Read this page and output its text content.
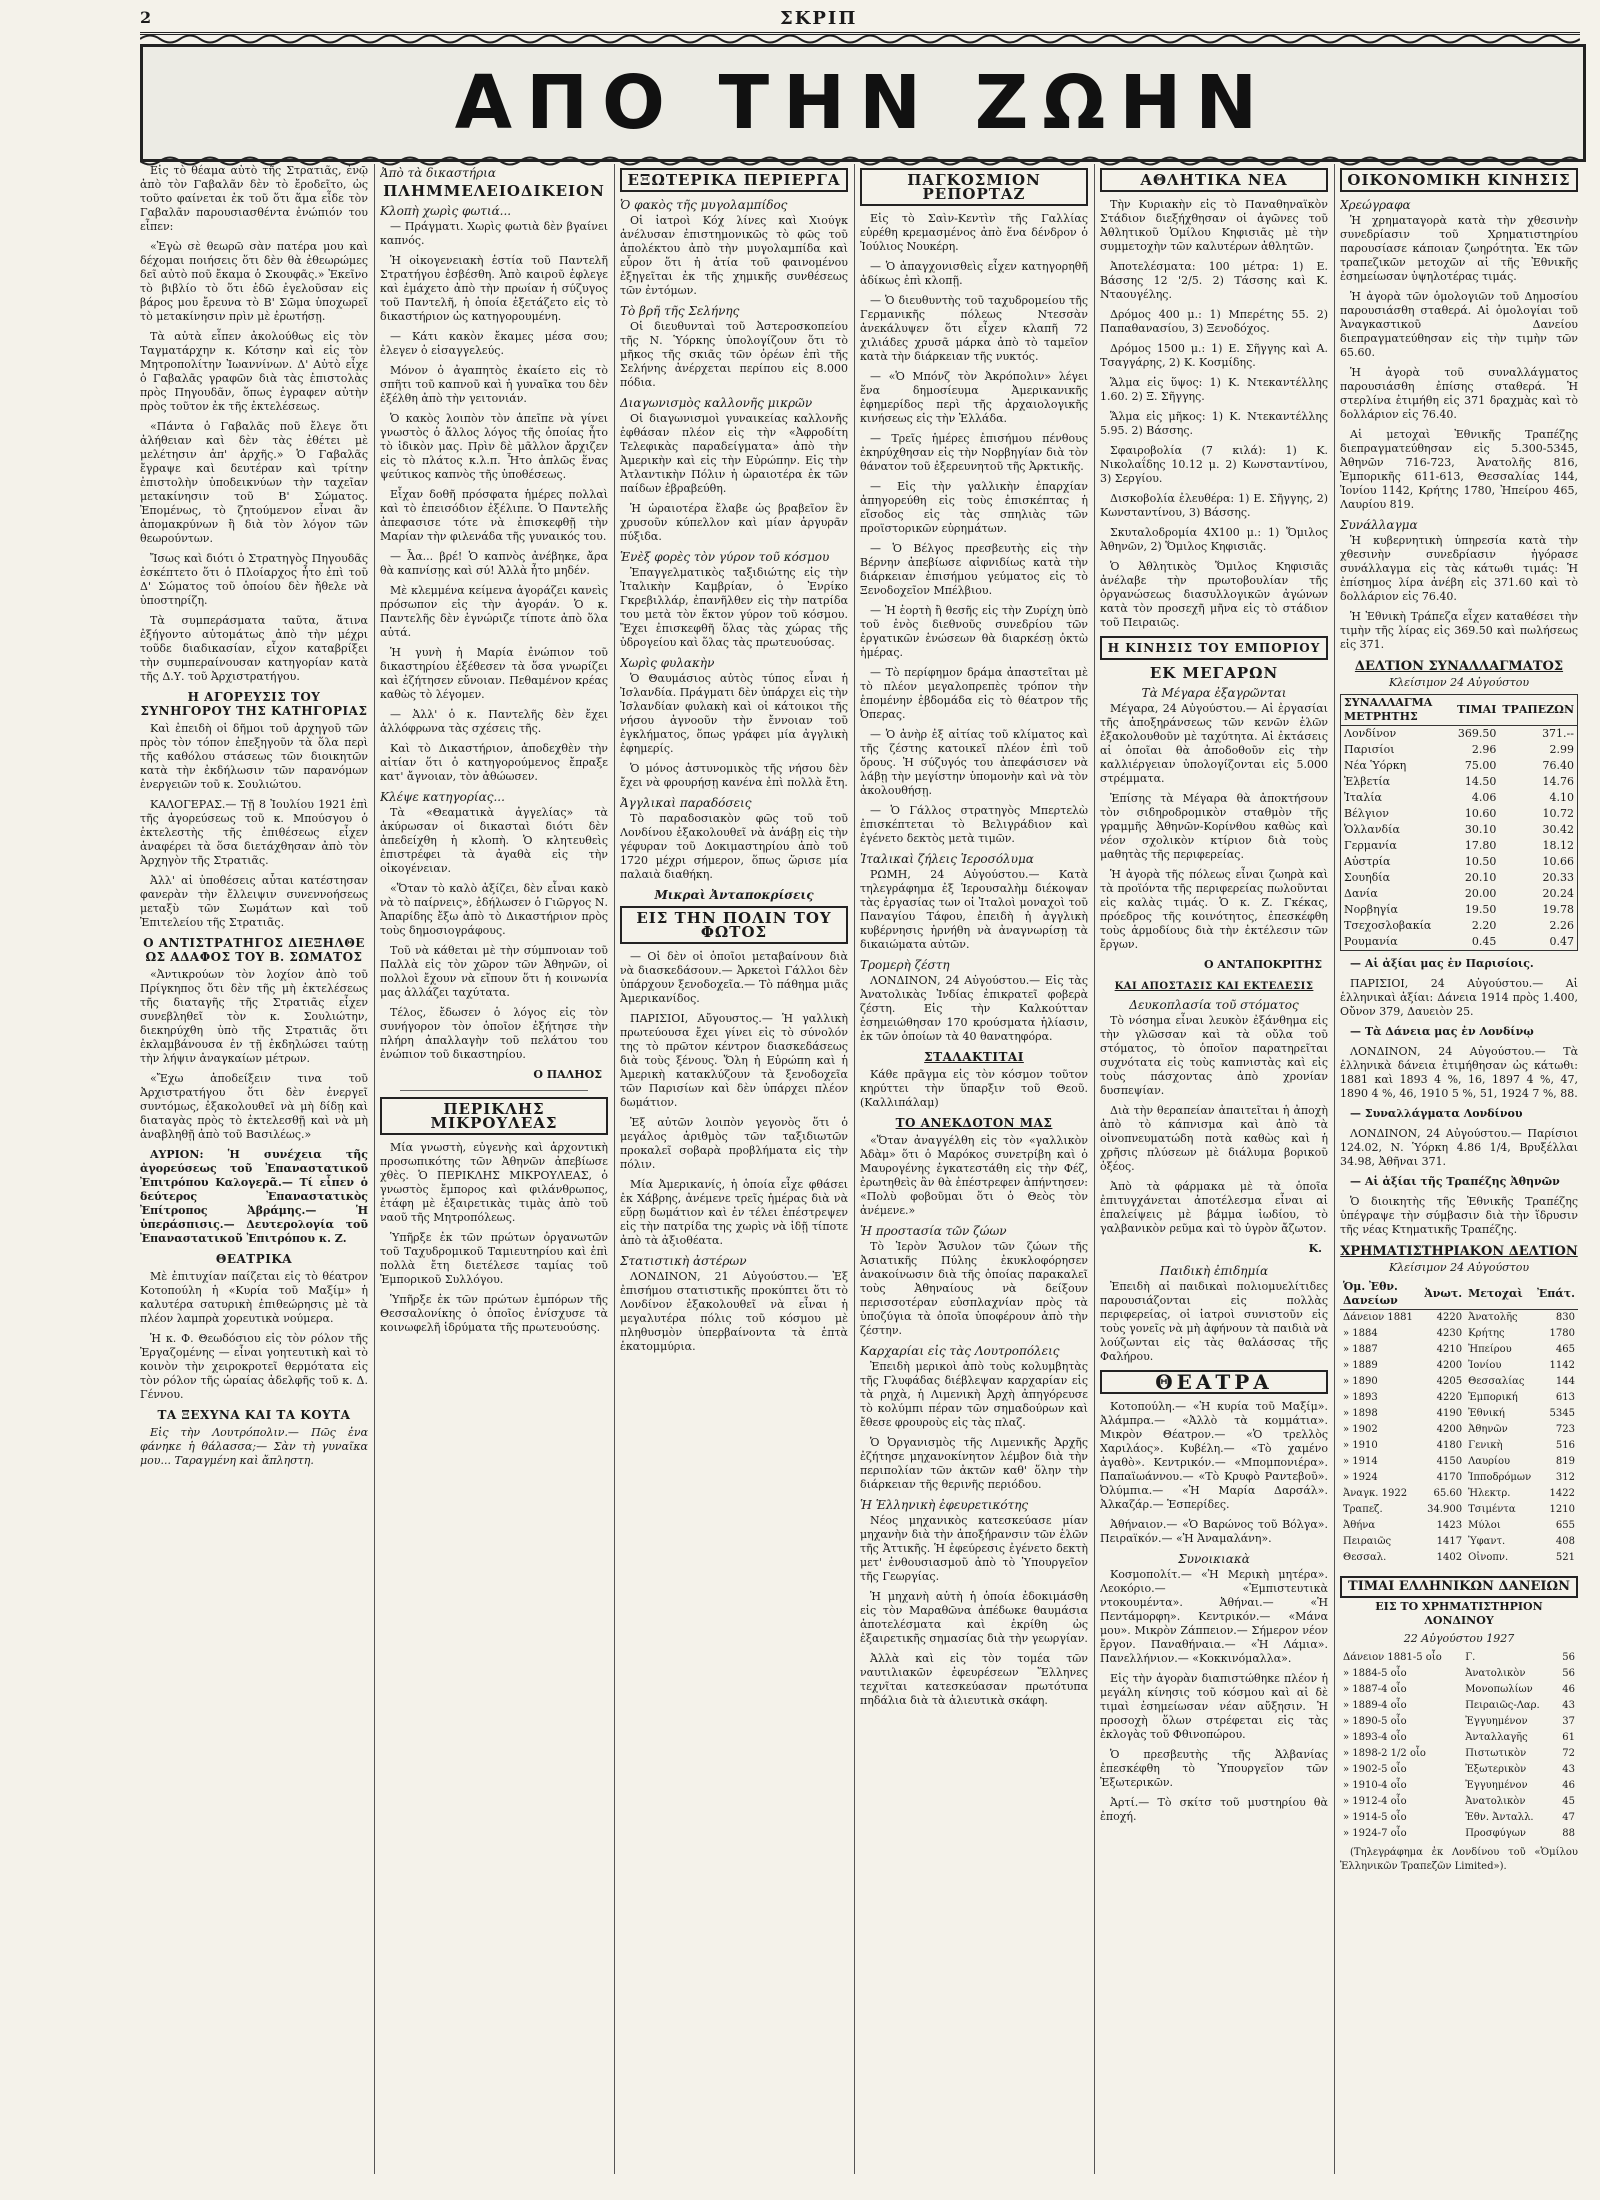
2	ΣΚΡΙΠ
ΑΠΟ ΤΗΝ ΖΩΗΝ

Εἰς τὸ θέαμα αὐτὸ τῆς Στρατιᾶς, ἐνῷ ἀπὸ τὸν Γαβαλᾶν δὲν τὸ ἔροδεῖτο, ὡς τοῦτο φαίνεται ἐκ τοῦ ὅτι ἅμα εἶδε τὸν Γαβαλᾶν παρουσιασθέντα ἐνώπιόν του εἶπεν:

«Ἐγὼ σὲ θεωρῶ σὰν πατέρα μου καὶ δέχομαι ποιήσεις ὅτι δὲν θὰ ἐθεωρώμες δεῖ αὐτὸ ποῦ ἔκαμα ὁ Σκουφᾶς.» Ἐκεῖνο τὸ βιβλίο τὸ ὅτι ἐδῶ ἐγελοῦσαν εἰς βάρος μου ἔρευνα τὸ Β' Σῶμα ὑποχωρεῖ τὸ μετακίνησιν πρὶν μὲ ἐρωτήσῃ.

Τὰ αὐτὰ εἶπεν ἀκολούθως εἰς τὸν Ταγματάρχην κ. Κότσην καὶ εἰς τὸν Μητροπολίτην Ἰωαννίνων. Δ' Αὐτὸ εἶχε ὁ Γαβαλᾶς γραφῶν διὰ τὰς ἐπιστολὰς πρὸς Πηγουδᾶν, ὅπως ἐγραφεν αὐτὴν πρὸς τοῦτον ἐκ τῆς ἐκτελέσεως.

«Πάντα ὁ Γαβαλᾶς ποῦ ἔλεγε ὅτι ἀλήθειαν καὶ δὲν τὰς ἐθέτει μὲ μελέτησιν ἀπ' ἀρχῆς.» Ὁ Γαβαλᾶς ἔγραψε καὶ δευτέραν καὶ τρίτην ἐπιστολὴν ὑποδεικνύων τὴν ταχεῖαν μετακίνησιν τοῦ Β' Σώματος. Ἐπομένως, τὸ ζητούμενον εἶναι ἂν ἀπομακρύνων ἢ διὰ τὸν λόγον τῶν θεωρούντων.

Ἴσως καὶ διότι ὁ Στρατηγὸς Πηγουδᾶς ἐσκέπτετο ὅτι ὁ Πλοίαρχος ἦτο ἐπὶ τοῦ Δ' Σώματος τοῦ ὁποίου δὲν ἤθελε νὰ ὑποστηρίζη.

Τὰ συμπεράσματα ταῦτα, ἅτινα ἐξήγοντο αὐτομάτως ἀπὸ τὴν μέχρι τοῦδε διαδικασίαν, εἶχον καταβρίξει τὴν συμπεραίνουσαν κατηγορίαν κατὰ τῆς Δ.Υ. τοῦ Ἀρχιστρατήγου.

Η ΑΓΟΡΕΥΣΙΣ ΤΟΥ ΣΥΝΗΓΟΡΟΥ ΤΗΣ ΚΑΤΗΓΟΡΙΑΣ

Καὶ ἐπειδὴ οἱ δῆμοι τοῦ ἀρχηγοῦ τῶν πρὸς τὸν τόπον ἐπεξηγοῦν τὰ ὅλα περὶ τῆς καθόλου στάσεως τῶν διοικητῶν κατὰ τὴν ἐκδήλωσιν τῶν παρανόμων ἐνεργειῶν τοῦ κ. Σουλιώτου.

ΚΑΛΟΓΕΡΑΣ.— Τῇ 8 Ἰουλίου 1921 ἐπὶ τῆς ἀγορεύσεως τοῦ κ. Μπούσγου ὁ ἐκτελεστὴς τῆς ἐπιθέσεως εἶχεν ἀναφέρει τὰ ὅσα διετάχθησαν ἀπὸ τὸν Ἀρχηγὸν τῆς Στρατιᾶς.

Ἀλλ' αἱ ὑποθέσεις αὗται κατέστησαν φανερὰν τὴν ἔλλειψιν συνεννοήσεως μεταξὺ τῶν Σωμάτων καὶ τοῦ Ἐπιτελείου τῆς Στρατιᾶς.

Ο ΑΝΤΙΣΤΡΑΤΗΓΟΣ ΔΙΕΞΗΛΘΕ ΩΣ ΑΔΑΦΟΣ ΤΟΥ Β. ΣΩΜΑΤΟΣ

«Ἀντικρούων τὸν λοχίον ἀπὸ τοῦ Πρίγκηπος ὅτι δὲν τῆς μὴ ἐκτελέσεως τῆς διαταγῆς τῆς Στρατιᾶς εἶχεν συνεβληθεῖ τὸν κ. Σουλιώτην, διεκηρύχθη ὑπὸ τῆς Στρατιᾶς ὅτι ἐκλαμβάνουσα ἐν τῇ ἐκδηλώσει ταύτῃ τὴν λήψιν ἀναγκαίων μέτρων.

«Ἔχω ἀποδείξειν τινα τοῦ Ἀρχιστρατήγου ὅτι δὲν ἐνεργεῖ συντόμως, ἐξακολουθεῖ νὰ μὴ δίδῃ καὶ διαταγὰς πρὸς τὸ ἐκτελεσθῇ καὶ νὰ μὴ ἀναβληθῇ ἀπὸ τοῦ Βασιλέως.»

ΑΥΡΙΟΝ: Ἡ συνέχεια τῆς ἀγορεύσεως τοῦ Ἐπαναστατικοῦ Ἐπιτρόπου Καλογερᾶ.— Τί εἶπεν ὁ δεύτερος Ἐπαναστατικὸς Ἐπίτροπος Ἀβράμης.— Ἡ ὑπεράσπισις.— Δευτερολογία τοῦ Ἐπαναστατικοῦ Ἐπιτρόπου κ. Ζ.

ΘΕΑΤΡΙΚΑ

Μὲ ἐπιτυχίαν παίζεται εἰς τὸ θέατρον Κοτοπούλη ἡ «Κυρία τοῦ Μαξίμ» ἡ καλυτέρα σατυρικὴ ἐπιθεώρησις μὲ τὰ πλέον λαμπρὰ χορευτικὰ νούμερα.

Ἡ κ. Φ. Θεωδόσιου εἰς τὸν ρόλον τῆς Ἐργαζομένης — εἶναι γοητευτικὴ καὶ τὸ κοινὸν τὴν χειροκροτεῖ θερμότατα εἰς τὸν ρόλον τῆς ὡραίας ἀδελφῆς τοῦ κ. Δ. Γέννου.

ΤΑ ΞΕΧΥΝΑ ΚΑΙ ΤΑ ΚΟΥΤΑ

Εἰς τὴν Λουτρόπολιν.— Πῶς ἐνα φάνηκε ἡ θάλασσα;— Σὰν τὴ γυναῖκα μου... Ταραγμένη καὶ ἄπληστη.

Ἀπὸ τὰ δικαστήρια
ΠΛΗΜΜΕΛΕΙΟΔΙΚΕΙΟΝ
Κλοπὴ χωρὶς φωτιά...

— Πράγματι. Χωρὶς φωτιὰ δὲν βγαίνει καπνός.

Ἡ οἰκογενειακὴ ἑστία τοῦ Παντελῆ Στρατήγου ἐσβέσθη. Ἀπὸ καιροῦ ἐφλεγε καὶ ἐμάχετο ἀπὸ τὴν πρωίαν ἡ σύζυγος τοῦ Παντελῆ, ἡ ὁποία ἐξετάζετο εἰς τὸ δικαστήριον ὡς κατηγορουμένη.

— Κάτι κακὸν ἔκαμες μέσα σου; ἐλεγεν ὁ εἰσαγγελεύς.

Μόνον ὁ ἀγαπητὸς ἐκαίετο εἰς τὸ σπῆτι τοῦ καπνοῦ καὶ ἡ γυναῖκα του δὲν ἐξέλθη ἀπὸ τὴν γειτονιάν.

Ὁ κακὸς λοιπὸν τὸν ἀπεῖπε νὰ γίνει γνωστὸς ὁ ἄλλος λόγος τῆς ὁποίας ἦτο τὸ ἰδικὸν μας. Πρὶν δὲ μᾶλλον ἄρχιζεν εἰς τὸ πλάτος κ.λ.π. Ἦτο ἁπλῶς ἕνας ψεύτικος καπνὸς τῆς ὑποθέσεως.

Εἶχαν δοθῆ πρόσφατα ἡμέρες πολλαὶ καὶ τὸ ἐπεισόδιον ἐξέλιπε. Ὁ Παντελῆς ἀπεφασισε τότε νὰ ἐπισκεφθῇ τὴν Μαρίαν τὴν φιλενάδα τῆς γυναικός του.

— Ἆα... βρέ! Ὁ καπνὸς ἀνέβηκε, ἄρα θὰ καπνίσῃς καὶ σύ! Ἀλλὰ ἦτο μηδέν.

Μὲ κλεμμένα κείμενα ἀγοράζει κανεὶς πρόσωπον εἰς τὴν ἀγοράν. Ὁ κ. Παντελῆς δὲν ἐγνώριζε τίποτε ἀπὸ ὅλα αὐτά.

Ἡ γυνὴ ἡ Μαρία ἐνώπιον τοῦ δικαστηρίου ἐξέθεσεν τὰ ὅσα γνωρίζει καὶ ἐζήτησεν εὔνοιαν. Πεθαμένον κρέας καθὼς τὸ λέγομεν.

— Ἀλλ' ὁ κ. Παντελῆς δὲν ἔχει ἀλλόφρωνα τὰς σχέσεις τῆς.

Καὶ τὸ Δικαστήριον, ἀποδεχθὲν τὴν αἰτίαν ὅτι ὁ κατηγορούμενος ἔπραξε κατ' ἄγνοιαν, τὸν ἀθώωσεν.

Κλέψε κατηγορίας...

Τὰ «Θεαματικὰ ἀγγελίας» τὰ ἀκύρωσαν οἱ δικασταὶ διότι δὲν ἀπεδείχθη ἡ κλοπὴ. Ὁ κλητευθεὶς ἐπιστρέφει τὰ ἀγαθὰ εἰς τὴν οἰκογένειαν.

«Ὅταν τὸ καλὸ ἀξίζει, δὲν εἶναι κακὸ νὰ τὸ παίρνεις», ἐδήλωσεν ὁ Γιῶργος Ν. Ἀπαρίδης ἔξω ἀπὸ τὸ Δικαστήριον πρὸς τοὺς δημοσιογράφους.

Τοῦ νὰ κάθεται μὲ τὴν σύμπνοιαν τοῦ Παλλὰ εἰς τὸν χῶρον τῶν Ἀθηνῶν, οἱ πολλοὶ ἔχουν νὰ εἴπουν ὅτι ἡ κοινωνία μας ἀλλάζει ταχύτατα.

Τέλος, ἔδωσεν ὁ λόγος εἰς τὸν συνήγορον τὸν ὁποῖον ἐξήτησε τὴν πλήρη ἀπαλλαγὴν τοῦ πελάτου του ἐνώπιον τοῦ δικαστηρίου.

Ο ΠΑΛΗΟΣ
ΠΕΡΙΚΛΗΣ ΜΙΚΡΟΥΛΕΑΣ

Μία γνωστὴ, εὐγενὴς καὶ ἀρχοντικὴ προσωπικότης τῶν Ἀθηνῶν ἀπεβίωσε χθὲς. Ὁ ΠΕΡΙΚΛΗΣ ΜΙΚΡΟΥΛΕΑΣ, ὁ γνωστὸς ἔμπορος καὶ φιλάνθρωπος, ἐτάφη μὲ ἐξαιρετικὰς τιμὰς ἀπὸ τοῦ ναοῦ τῆς Μητροπόλεως.

Ὑπῆρξε ἐκ τῶν πρώτων ὀργανωτῶν τοῦ Ταχυδρομικοῦ Ταμιευτηρίου καὶ ἐπὶ πολλὰ ἔτη διετέλεσε ταμίας τοῦ Ἐμπορικοῦ Συλλόγου.

Ὑπῆρξε ἐκ τῶν πρώτων ἐμπόρων τῆς Θεσσαλονίκης ὁ ὁποῖος ἐνίσχυσε τὰ κοινωφελῆ ἱδρύματα τῆς πρωτευούσης.

ΕΞΩΤΕΡΙΚΑ ΠΕΡΙΕΡΓΑ
Ὁ φακὸς τῆς μυγολαμπίδος

Οἱ ἰατροὶ Κόχ λίνες καὶ Χιούγκ ἀνέλυσαν ἐπιστημονικῶς τὸ φῶς τοῦ ἀπολέκτου ἀπὸ τὴν μυγολαμπίδα καὶ εὗρον ὅτι ἡ ἀτία τοῦ φαινομένου ἐξηγεῖται ἐκ τῆς χημικῆς συνθέσεως τῶν ἐντόμων.

Τὸ βρῆ τῆς Σελήνης

Οἱ διευθυνταὶ τοῦ Ἀστεροσκοπείου τῆς Ν. Ὑόρκης ὑπολογίζουν ὅτι τὸ μῆκος τῆς σκιᾶς τῶν ὀρέων ἐπὶ τῆς Σελήνης ἀνέρχεται περίπου εἰς 8.000 πόδια.

Διαγωνισμὸς καλλονῆς μικρῶν

Οἱ διαγωνισμοὶ γυναικείας καλλονῆς ἐφθάσαν πλέον εἰς τὴν «Ἀφροδίτη Τελεφικὰς παραδείγματα» ἀπὸ τὴν Ἀμερικὴν καὶ εἰς τὴν Εὐρώπην. Εἰς τὴν Ἀτλαντικὴν Πόλιν ἡ ὡραιοτέρα ἐκ τῶν παίδων ἐβραβεύθη.

Ἡ ὡραιοτέρα ἔλαβε ὡς βραβεῖον ἓν χρυσοῦν κύπελλον καὶ μίαν ἀργυρᾶν πύξιδα.

Ἑνὲξ φορὲς τὸν γύρον τοῦ κόσμου

Ἐπαγγελματικὸς ταξιδιώτης εἰς τὴν Ἰταλικὴν Καμβρίαν, ὁ Ἐνρίκο Γκρεβιλλάρ, ἐπανῆλθεν εἰς τὴν πατρίδα του μετὰ τὸν ἕκτον γύρον τοῦ κόσμου. Ἔχει ἐπισκεφθῆ ὅλας τὰς χώρας τῆς ὑδρογείου καὶ ὅλας τὰς πρωτευούσας.

Χωρὶς φυλακὴν

Ὁ Θαυμάσιος αὐτὸς τύπος εἶναι ἡ Ἰσλανδία. Πράγματι δὲν ὑπάρχει εἰς τὴν Ἰσλανδίαν φυλακὴ καὶ οἱ κάτοικοι τῆς νήσου ἀγνοοῦν τὴν ἔννοιαν τοῦ ἐγκλήματος, ὅπως γράφει μία ἀγγλικὴ ἐφημερίς.

Ὁ μόνος ἀστυνομικὸς τῆς νήσου δὲν ἔχει νὰ φρουρήσῃ κανένα ἐπὶ πολλὰ ἔτη.

Ἀγγλικαὶ παραδόσεις

Τὸ παραδοσιακὸν φῶς τοῦ τοῦ Λονδίνου ἐξακολουθεῖ νὰ ἀνάβῃ εἰς τὴν γέφυραν τοῦ Δοκιμαστηρίου ἀπὸ τοῦ 1720 μέχρι σήμερον, ὅπως ὥρισε μία παλαιὰ διαθήκη.

Μικραὶ Ἀνταποκρίσεις
ΕΙΣ ΤΗΝ ΠΟΛΙΝ ΤΟΥ ΦΩΤΟΣ

— Οἱ δὲν οἱ ὁποῖοι μεταβαίνουν διὰ νὰ διασκεδάσουν.— Ἀρκετοὶ Γάλλοι δὲν ὑπάρχουν ξενοδοχεῖα.— Τὸ πάθημα μιᾶς Ἀμερικανίδος.

ΠΑΡΙΣΙΟΙ, Αὔγουστος.— Ἡ γαλλικὴ πρωτεύουσα ἔχει γίνει εἰς τὸ σύνολόν της τὸ πρῶτον κέντρον διασκεδάσεως διὰ τοὺς ξένους. Ὅλη ἡ Εὐρώπη καὶ ἡ Ἀμερικὴ κατακλύζουν τὰ ξενοδοχεῖα τῶν Παρισίων καὶ δὲν ὑπάρχει πλέον δωμάτιον.

Ἐξ αὐτῶν λοιπὸν γεγονὸς ὅτι ὁ μεγάλος ἀριθμὸς τῶν ταξιδιωτῶν προκαλεῖ σοβαρὰ προβλήματα εἰς τὴν πόλιν.

Μία Ἀμερικανίς, ἡ ὁποία εἶχε φθάσει ἐκ Χάβρης, ἀνέμενε τρεῖς ἡμέρας διὰ νὰ εὕρῃ δωμάτιον καὶ ἐν τέλει ἐπέστρεψεν εἰς τὴν πατρίδα της χωρὶς νὰ ἰδῇ τίποτε ἀπὸ τὰ ἀξιοθέατα.

Στατιστικὴ ἀστέρων

ΛΟΝΔΙΝΟΝ, 21 Αὐγούστου.— Ἐξ ἐπισήμου στατιστικῆς προκύπτει ὅτι τὸ Λονδίνον ἐξακολουθεῖ νὰ εἶναι ἡ μεγαλυτέρα πόλις τοῦ κόσμου μὲ πληθυσμὸν ὑπερβαίνοντα τὰ ἑπτὰ ἑκατομμύρια.

ΠΑΓΚΟΣΜΙΟΝ ΡΕΠΟΡΤΑΖ

Εἰς τὸ Σαὶν-Κεντὶν τῆς Γαλλίας εὑρέθη κρεμασμένος ἀπὸ ἕνα δένδρον ὁ Ἰούλιος Νουκέρη.

— Ὁ ἀπαγχονισθεὶς εἶχεν κατηγορηθῆ ἀδίκως ἐπὶ κλοπῇ.

— Ὁ διευθυντὴς τοῦ ταχυδρομείου τῆς Γερμανικῆς πόλεως Ντεσσὰν ἀνεκάλυψεν ὅτι εἶχεν κλαπῆ 72 χιλιάδες χρυσᾶ μάρκα ἀπὸ τὸ ταμεῖον κατὰ τὴν διάρκειαν τῆς νυκτός.

— «Ὁ Μπόνζ τὸν Ἀκρόπολιν» λέγει ἕνα δημοσίευμα Ἀμερικανικῆς ἐφημερίδος περὶ τῆς ἀρχαιολογικῆς κινήσεως εἰς τὴν Ἑλλάδα.

— Τρεῖς ἡμέρες ἐπισήμου πένθους ἐκηρύχθησαν εἰς τὴν Νορβηγίαν διὰ τὸν θάνατον τοῦ ἐξερευνητοῦ τῆς Ἀρκτικῆς.

— Εἰς τὴν γαλλικὴν ἐπαρχίαν ἀπηγορεύθη εἰς τοὺς ἐπισκέπτας ἡ εἴσοδος εἰς τὰς σπηλιὰς τῶν προϊστορικῶν εὑρημάτων.

— Ὁ Βέλγος πρεσβευτὴς εἰς τὴν Βέρνην ἀπεβίωσε αἰφνιδίως κατὰ τὴν διάρκειαν ἐπισήμου γεύματος εἰς τὸ Ξενοδοχεῖον Μπέλβιου.

— Ἡ ἑορτὴ ἢ θεσῆς εἰς τὴν Ζυρίχη ὑπὸ τοῦ ἑνὸς διεθνοῦς συνεδρίου τῶν ἐργατικῶν ἑνώσεων θὰ διαρκέσῃ ὀκτὼ ἡμέρας.

— Τὸ περίφημον δράμα ἀπαστεῖται μὲ τὸ πλέον μεγαλοπρεπὲς τρόπον τὴν ἑπομένην ἑβδομάδα εἰς τὸ θέατρον τῆς Ὀπερας.

— Ὁ ἀνὴρ ἐξ αἰτίας τοῦ κλίματος καὶ τῆς ζέστης κατοικεῖ πλέον ἐπὶ τοῦ ὄρους. Ἡ σύζυγός του ἀπεφάσισεν νὰ λάβῃ τὴν μεγίστην ὑπομονὴν καὶ νὰ τὸν ἀκολουθήσῃ.

— Ὁ Γάλλος στρατηγὸς Μπερτελὼ ἐπισκέπτεται τὸ Βελιγράδιον καὶ ἐγένετο δεκτὸς μετὰ τιμῶν.

Ἰταλικαὶ ζήλεις Ἱεροσόλυμα

ΡΩΜΗ, 24 Αὐγούστου.— Κατὰ τηλεγράφημα ἐξ Ἱερουσαλὴμ διέκοψαν τὰς ἐργασίας των οἱ Ἰταλοὶ μοναχοὶ τοῦ Παναγίου Τάφου, ἐπειδὴ ἡ ἀγγλικὴ κυβέρνησις ἠρνήθη νὰ ἀναγνωρίσῃ τὰ δικαιώματα αὐτῶν.

Τρομερὴ ζέστη

ΛΟΝΔΙΝΟΝ, 24 Αὐγούστου.— Εἰς τὰς Ἀνατολικὰς Ἰνδίας ἐπικρατεῖ φοβερὰ ζέστη. Εἰς τὴν Καλκούτταν ἐσημειώθησαν 170 κρούσματα ἡλίασιν, ἐκ τῶν ὁποίων τὰ 40 θανατηφόρα.

ΣΤΑΛΑΚΤΙΤΑΙ

Κάθε πρᾶγμα εἰς τὸν κόσμον τοῦτον κηρύττει τὴν ὕπαρξιν τοῦ Θεοῦ. (Καλλιπάλαμ)

ΤΟ ΑΝΕΚΔΟΤΟΝ ΜΑΣ

«Ὅταν ἀναγγέλθη εἰς τὸν «γαλλικὸν Ἀδὰμ» ὅτι ὁ Μαρόκος συνετρίβη καὶ ὁ Μαυρογένης ἐγκατεστάθη εἰς τὴν Φέζ, ἐρωτηθεὶς ἂν θὰ ἐπέστρεφεν ἀπήντησεν: «Πολὺ φοβοῦμαι ὅτι ὁ Θεὸς τὸν ἀνέμενε.»

Ἡ προστασία τῶν ζώων

Τὸ Ἱερὸν Ἄσυλον τῶν ζώων τῆς Ἀσιατικῆς Πύλης ἐκυκλοφόρησεν ἀνακοίνωσιν διὰ τῆς ὁποίας παρακαλεῖ τοὺς Ἀθηναίους νὰ δείξουν περισσοτέραν εὐσπλαχνίαν πρὸς τὰ ὑποζύγια τὰ ὁποῖα ὑποφέρουν ἀπὸ τὴν ζέστην.

Καρχαρίαι εἰς τὰς Λουτροπόλεις

Ἐπειδὴ μερικοὶ ἀπὸ τοὺς κολυμβητὰς τῆς Γλυφάδας διέβλεψαν καρχαρίαν εἰς τὰ ρηχὰ, ἡ Λιμενικὴ Ἀρχὴ ἀπηγόρευσε τὸ κολύμπι πέραν τῶν σημαδούρων καὶ ἔθεσε φρουροὺς εἰς τὰς πλαζ.

Ὁ Ὀργανισμὸς τῆς Λιμενικῆς Ἀρχῆς ἐζήτησε μηχανοκίνητον λέμβον διὰ τὴν περιπολίαν τῶν ἀκτῶν καθ' ὅλην τὴν διάρκειαν τῆς θερινῆς περιόδου.

Ἡ Ἑλληνικὴ ἐφευρετικότης

Νέος μηχανικὸς κατεσκεύασε μίαν μηχανὴν διὰ τὴν ἀποξήρανσιν τῶν ἑλῶν τῆς Ἀττικῆς. Ἡ ἐφεύρεσις ἐγένετο δεκτὴ μετ' ἐνθουσιασμοῦ ἀπὸ τὸ Ὑπουργεῖον τῆς Γεωργίας.

Ἡ μηχανὴ αὐτὴ ἡ ὁποία ἐδοκιμάσθη εἰς τὸν Μαραθῶνα ἀπέδωκε θαυμάσια ἀποτελέσματα καὶ ἐκρίθη ὡς ἐξαιρετικῆς σημασίας διὰ τὴν γεωργίαν.

Ἀλλὰ καὶ εἰς τὸν τομέα τῶν ναυτιλιακῶν ἐφευρέσεων Ἕλληνες τεχνῖται κατεσκεύασαν πρωτότυπα πηδάλια διὰ τὰ ἀλιευτικὰ σκάφη.

ΑΘΛΗΤΙΚΑ ΝΕΑ

Τὴν Κυριακὴν εἰς τὸ Παναθηναϊκὸν Στάδιον διεξήχθησαν οἱ ἀγῶνες τοῦ Ἀθλητικοῦ Ὁμίλου Κηφισιᾶς μὲ τὴν συμμετοχὴν τῶν καλυτέρων ἀθλητῶν.

Ἀποτελέσματα: 100 μέτρα: 1) Ε. Βάσσης 12 '2/5. 2) Τάσσης καὶ Κ. Νταουγέλης.

Δρόμος 400 μ.: 1) Μπερέτης 55. 2) Παπαθανασίου, 3) Ξενοδόχος.

Δρόμος 1500 μ.: 1) Ε. Σῆγγης καὶ Α. Τσαγγάρης, 2) Κ. Κοσμίδης.

Ἅλμα εἰς ὕψος: 1) Κ. Ντεκαντέλλης 1.60. 2) Ξ. Σῆγγης.

Ἅλμα εἰς μῆκος: 1) Κ. Ντεκαντέλλης 5.95. 2) Βάσσης.

Σφαιροβολία (7 κιλά): 1) Κ. Νικολαΐδης 10.12 μ. 2) Κωνσταντίνου, 3) Σεργίου.

Δισκοβολία ἐλευθέρα: 1) Ε. Σῆγγης, 2) Κωνσταντίνου, 3) Βάσσης.

Σκυταλοδρομία 4Χ100 μ.: 1) Ὅμιλος Ἀθηνῶν, 2) Ὅμιλος Κηφισιᾶς.

Ὁ Ἀθλητικὸς Ὅμιλος Κηφισιᾶς ἀνέλαβε τὴν πρωτοβουλίαν τῆς ὀργανώσεως διασυλλογικῶν ἀγώνων κατὰ τὸν προσεχῆ μῆνα εἰς τὸ στάδιον τοῦ Πειραιῶς.

Η ΚΙΝΗΣΙΣ ΤΟΥ ΕΜΠΟΡΙΟΥ
ΕΚ ΜΕΓΑΡΩΝ
Τὰ Μέγαρα ἐξαγρῶνται

Μέγαρα, 24 Αὐγούστου.— Αἱ ἐργασίαι τῆς ἀποξηράνσεως τῶν κενῶν ἑλῶν ἐξακολουθοῦν μὲ ταχύτητα. Αἱ ἐκτάσεις αἱ ὁποῖαι θὰ ἀποδοθοῦν εἰς τὴν καλλιέργειαν ὑπολογίζονται εἰς 5.000 στρέμματα.

Ἐπίσης τὰ Μέγαρα θὰ ἀποκτήσουν τὸν σιδηροδρομικὸν σταθμὸν τῆς γραμμῆς Ἀθηνῶν-Κορίνθου καθὼς καὶ νέον σχολικὸν κτίριον διὰ τοὺς μαθητὰς τῆς περιφερείας.

Ἡ ἀγορὰ τῆς πόλεως εἶναι ζωηρὰ καὶ τὰ προϊόντα τῆς περιφερείας πωλοῦνται εἰς καλὰς τιμάς. Ὁ κ. Ζ. Γκέκας, πρόεδρος τῆς κοινότητος, ἐπεσκέφθη τοὺς ἁρμοδίους διὰ τὴν ἐκτέλεσιν τῶν ἔργων.

Ο ΑΝΤΑΠΟΚΡΙΤΗΣ
ΚΑΙ ΑΠΟΣΤΑΣΙΣ ΚΑΙ ΕΚΤΕΛΕΣΙΣ
Δευκοπλασία τοῦ στόματος

Τὸ νόσημα εἶναι λευκὸν ἐξάνθημα εἰς τὴν γλῶσσαν καὶ τὰ οὔλα τοῦ στόματος, τὸ ὁποῖον παρατηρεῖται συχνότατα εἰς τοὺς καπνιστὰς καὶ εἰς τοὺς πάσχοντας ἀπὸ χρονίαν δυσπεψίαν.

Διὰ τὴν θεραπείαν ἀπαιτεῖται ἡ ἀποχὴ ἀπὸ τὸ κάπνισμα καὶ ἀπὸ τὰ οἰνοπνευματώδη ποτὰ καθὼς καὶ ἡ χρῆσις πλύσεων μὲ διάλυμα βορικοῦ ὀξέος.

Ἀπὸ τὰ φάρμακα μὲ τὰ ὁποῖα ἐπιτυγχάνεται ἀποτέλεσμα εἶναι αἱ ἐπαλείψεις μὲ βάμμα ἰωδίου, τὸ γαλβανικὸν ρεῦμα καὶ τὸ ὑγρὸν ἄζωτον.

Κ.
Παιδικὴ ἐπιδημία

Ἐπειδὴ αἱ παιδικαὶ πολιομυελίτιδες παρουσιάζονται εἰς πολλὰς περιφερείας, οἱ ἰατροὶ συνιστοῦν εἰς τοὺς γονεῖς νὰ μὴ ἀφήνουν τὰ παιδιὰ νὰ λούζωνται εἰς τὰς θαλάσσας τῆς Φαλήρου.

ΘΕΑΤΡΑ

Κοτοπούλη.— «Ἡ κυρία τοῦ Μαξίμ». Ἀλάμπρα.— «Ἀλλὸ τὰ κομμάτια». Μικρὸν Θέατρον.— «Ὁ τρελλὸς Χαριλάος». Κυβέλη.— «Τὸ χαμένο ἀγαθὸ». Κεντρικόν.— «Μπομπονιέρα». Παπαϊωάννου.— «Τὸ Κρυφὸ Ραντεβοῦ». Ὀλύμπια.— «Ἡ Μαρία Δαρσάλ». Ἀλκαζάρ.— Ἑσπερίδες.

Ἀθήναιον.— «Ὁ Βαρώνος τοῦ Βόλγα». Πειραϊκόν.— «Ἡ Ἀναμαλάνη».

Συνοικιακὰ

Κοσμοπολίτ.— «Ἡ Μερικὴ μητέρα». Λεοκόριο.— «Ἐμπιστευτικὰ ντοκουμέντα». Ἀθήναι.— «Ἡ Πεντάμορφη». Κεντρικόν.— «Μάνα μου». Μικρὸν Ζάππειον.— Σήμερον νέον ἔργον. Παναθήναια.— «Ἡ Λάμια». Πανελλήνιον.— «Κοκκινόμαλλα».

Εἰς τὴν ἀγορὰν διαπιστώθηκε πλέον ἡ μεγάλη κίνησις τοῦ κόσμου καὶ αἱ δὲ τιμαὶ ἐσημείωσαν νέαν αὔξησιν. Ἡ προσοχὴ ὅλων στρέφεται εἰς τὰς ἐκλογὰς τοῦ Φθινοπώρου.

Ὁ πρεσβευτὴς τῆς Ἀλβανίας ἐπεσκέφθη τὸ Ὑπουργεῖον τῶν Ἐξωτερικῶν.

Ἀρτί.— Τὸ σκίτσ τοῦ μυστηρίου θὰ ἐποχή.

ΟΙΚΟΝΟΜΙΚΗ ΚΙΝΗΣΙΣ
Χρεώγραφα

Ἡ χρηματαγορὰ κατὰ τὴν χθεσινὴν συνεδρίασιν τοῦ Χρηματιστηρίου παρουσίασε κάποιαν ζωηρότητα. Ἐκ τῶν τραπεζικῶν μετοχῶν αἱ τῆς Ἐθνικῆς ἐσημείωσαν ὑψηλοτέρας τιμάς.

Ἡ ἀγορὰ τῶν ὁμολογιῶν τοῦ Δημοσίου παρουσιάσθη σταθερά. Αἱ ὁμολογίαι τοῦ Ἀναγκαστικοῦ Δανείου διεπραγματεύθησαν εἰς τὴν τιμὴν τῶν 65.60.

Ἡ ἀγορὰ τοῦ συναλλάγματος παρουσιάσθη ἐπίσης σταθερά. Ἡ στερλίνα ἐτιμήθη εἰς 371 δραχμὰς καὶ τὸ δολλάριον εἰς 76.40.

Αἱ μετοχαὶ Ἐθνικῆς Τραπέζης διεπραγματεύθησαν εἰς 5.300-5345, Ἀθηνῶν 716-723, Ἀνατολῆς 816, Ἐμπορικῆς 611-613, Θεσσαλίας 144, Ἱονίου 1142, Κρήτης 1780, Ἠπείρου 465, Λαυρίου 819.

Συνάλλαγμα

Ἡ κυβερνητικὴ ὑπηρεσία κατὰ τὴν χθεσινὴν συνεδρίασιν ἠγόρασε συνάλλαγμα εἰς τὰς κάτωθι τιμάς: Ἡ ἐπίσημος λίρα ἀνέβη εἰς 371.60 καὶ τὸ δολλάριον εἰς 76.40.

Ἡ Ἐθνικὴ Τράπεζα εἶχεν καταθέσει τὴν τιμὴν τῆς λίρας εἰς 369.50 καὶ πωλήσεως εἰς 371.

ΔΕΛΤΙΟΝ ΣΥΝΑΛΛΑΓΜΑΤΟΣ
Κλείσιμον 24 Αὐγούστου
ΣΥΝΑΛΛΑΓΜΑ ΜΕΤΡΗΤΗΣ	ΤΙΜΑΙ	ΤΡΑΠΕΖΩΝ
Λονδίνον	369.50	371.--
Παρισίοι	2.96	2.99
Νέα Ὑόρκη	75.00	76.40
Ἑλβετία	14.50	14.76
Ἰταλία	4.06	4.10
Βέλγιον	10.60	10.72
Ὁλλανδία	30.10	30.42
Γερμανία	17.80	18.12
Αὐστρία	10.50	10.66
Σουηδία	20.10	20.33
Δανία	20.00	20.24
Νορβηγία	19.50	19.78
Τσεχοσλοβακία	2.20	2.26
Ρουμανία	0.45	0.47

— Αἱ ἀξίαι μας ἐν Παρισίοις.

ΠΑΡΙΣΙΟΙ, 24 Αὐγούστου.— Αἱ ἑλληνικαὶ ἀξίαι: Δάνεια 1914 πρὸς 1.400, Οὔνον 379, Δαυειὸν 25.

— Τὰ Δάνεια μας ἐν Λονδίνῳ

ΛΟΝΔΙΝΟΝ, 24 Αὐγούστου.— Τὰ ἑλληνικὰ δάνεια ἐτιμήθησαν ὡς κάτωθι: 1881 καὶ 1893 4 %, 16, 1897 4 %, 47, 1890 4 %, 46, 1910 5 %, 51, 1924 7 %, 88.

— Συναλλάγματα Λονδίνου

ΛΟΝΔΙΝΟΝ, 24 Αὐγούστου.— Παρίσιοι 124.02, Ν. Ὑόρκη 4.86 1/4, Βρυξέλλαι 34.98, Ἀθῆναι 371.

— Αἱ ἀξίαι τῆς Τραπέζης Ἀθηνῶν

Ὁ διοικητὴς τῆς Ἐθνικῆς Τραπέζης ὑπέγραψε τὴν σύμβασιν διὰ τὴν ἵδρυσιν τῆς νέας Κτηματικῆς Τραπέζης.

ΧΡΗΜΑΤΙΣΤΗΡΙΑΚΟΝ ΔΕΛΤΙΟΝ
Κλείσιμον 24 Αὐγούστου
Ὁμ. Ἐθν. Δανείων	Ἀνωτ.	Μετοχαὶ	Ἐπάτ.
Δάνειον 1881	4220	Ἀνατολῆς	830
» 1884	4230	Κρήτης	1780
» 1887	4210	Ἠπείρου	465
» 1889	4200	Ἰονίου	1142
» 1890	4205	Θεσσαλίας	144
» 1893	4220	Ἐμπορική	613
» 1898	4190	Ἐθνική	5345
» 1902	4200	Ἀθηνῶν	723
» 1910	4180	Γενικὴ	516
» 1914	4150	Λαυρίου	819
» 1924	4170	Ἰπποδρόμων	312
Ἀναγκ. 1922	65.60	Ἡλεκτρ.	1422
Τραπεζ.	34.900	Τσιμέντα	1210
Ἀθήνα	1423	Μύλοι	655
Πειραιῶς	1417	Ὑφαντ.	408
Θεσσαλ.	1402	Οἰνοπν.	521
ΤΙΜΑΙ ΕΛΛΗΝΙΚΩΝ ΔΑΝΕΙΩΝ
ΕΙΣ ΤΟ ΧΡΗΜΑΤΙΣΤΗΡΙΟΝ ΛΟΝΔΙΝΟΥ
22 Αὐγούστου 1927
Δάνειον 1881-5 οἷο	Γ.	56
» 1884-5 οἷο	Ἀνατολικὸν	56
» 1887-4 οἷο	Μονοπωλίων	46
» 1889-4 οἷο	Πειραιῶς-Λαρ.	43
» 1890-5 οἷο	Ἐγγυημένον	37
» 1893-4 οἷο	Ἀνταλλαγῆς	61
» 1898-2 1/2 οἷο	Πιστωτικὸν	72
» 1902-5 οἷο	Ἐξωτερικὸν	43
» 1910-4 οἷο	Ἐγγυημένον	46
» 1912-4 οἷο	Ἀνατολικὸν	45
» 1914-5 οἷο	Ἐθν. Ἀνταλλ.	47
» 1924-7 οἷο	Προσφύγων	88

(Τηλεγράφημα ἐκ Λονδίνου τοῦ «Ὁμίλου Ἑλληνικῶν Τραπεζῶν Limited»).
